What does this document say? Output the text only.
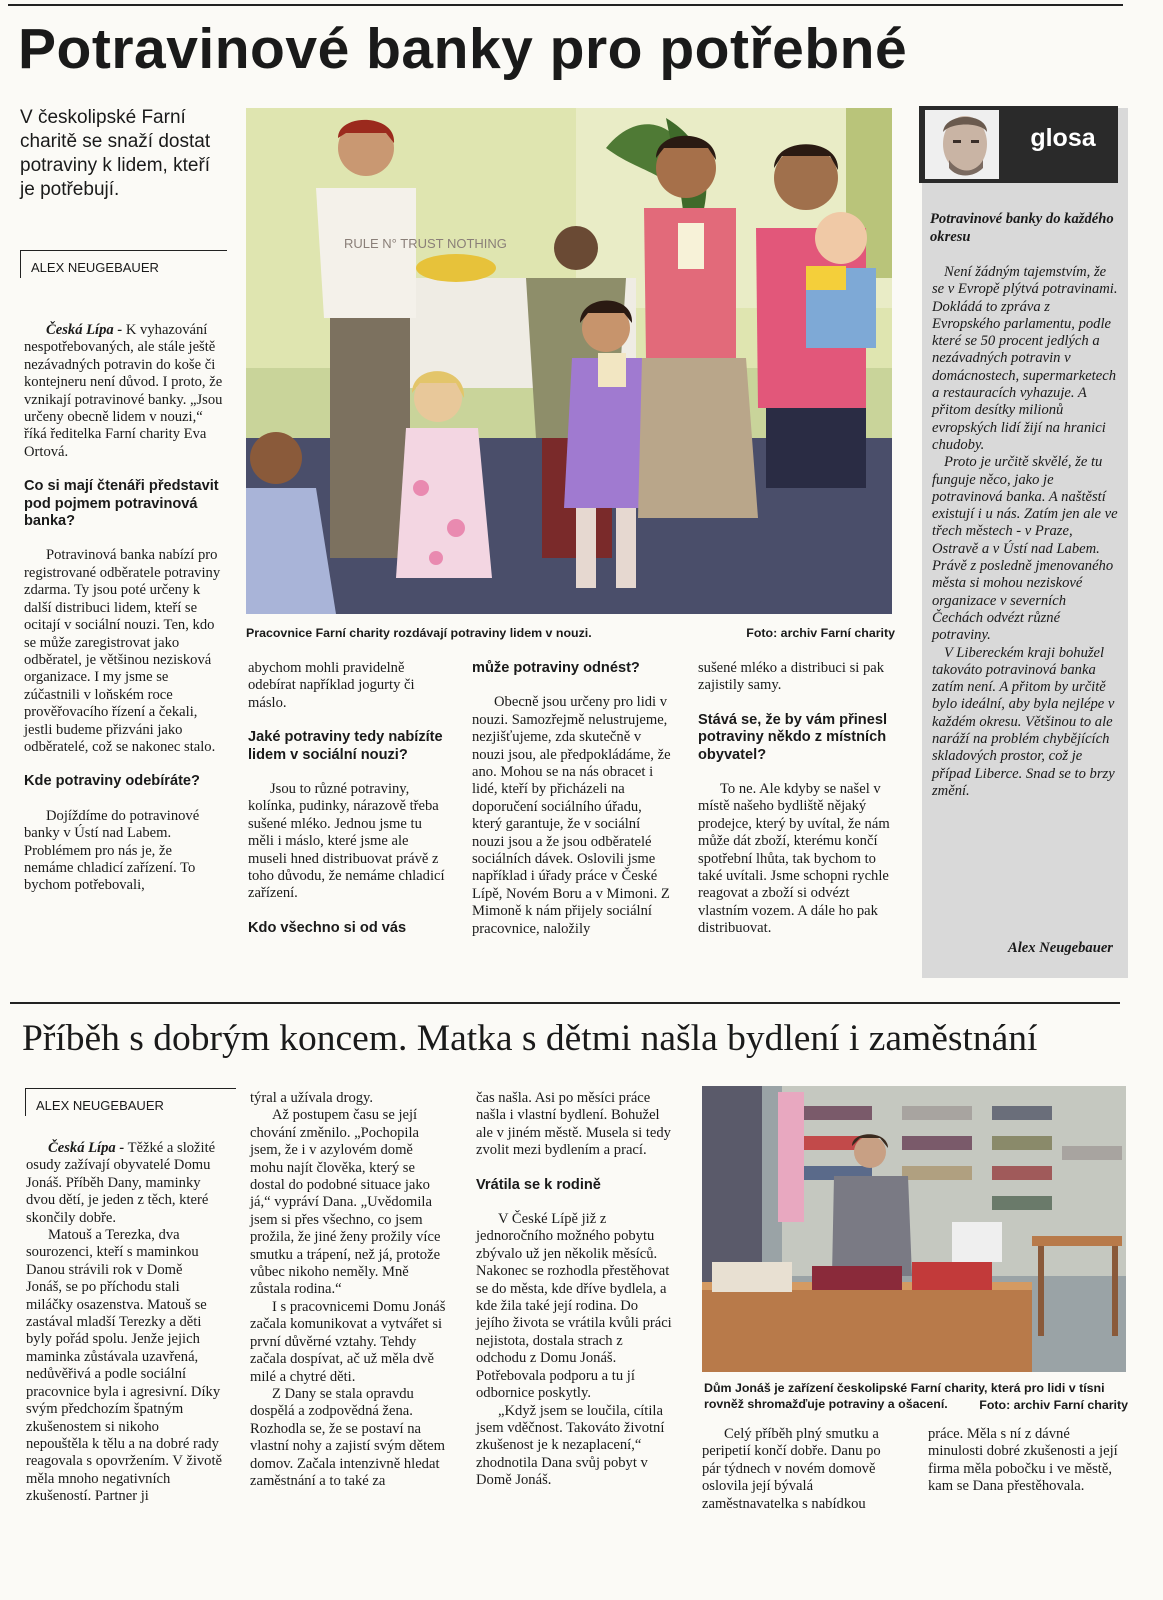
Potravinové banky pro potřebné
V českolipské Farní charitě se snaží dostat potraviny k lidem, kteří je potřebují.
ALEX NEUGEBAUER

Česká Lípa - K vyhazování nespotřebovaných, ale stále ještě nezávadných potravin do koše či kontejneru není důvod. I proto, že vznikají potravinové banky. „Jsou určeny obecně lidem v nouzi,“ říká ředitelka Farní charity Eva Ortová.

Co si mají čtenáři představit pod pojmem potravinová banka?

Potravinová banka nabízí pro registrované odběratele potraviny zdarma. Ty jsou poté určeny k další distribuci lidem, kteří se ocitají v sociální nouzi. Ten, kdo se může zaregistrovat jako odběratel, je většinou nezisková organizace. I my jsme se zúčastnili v loňském roce prověřovacího řízení a čekali, jestli budeme přizváni jako odběratelé, což se nakonec stalo.

Kde potraviny odebíráte?

Dojíždíme do potravinové banky v Ústí nad Labem. Problémem pro nás je, že nemáme chladicí zařízení. To bychom potřebovali,

RULE N° TRUST NOTHING
Pracovnice Farní charity rozdávají potraviny lidem v nouzi.	Foto: archiv Farní charity

abychom mohli pravidelně odebírat například jogurty či máslo.

Jaké potraviny tedy nabízíte lidem v sociální nouzi?

Jsou to různé potraviny, kolínka, pudinky, nárazově třeba sušené mléko. Jednou jsme tu měli i máslo, které jsme ale museli hned distribuovat právě z toho důvodu, že nemáme chladicí zařízení.

Kdo všechno si od vás
může potraviny odnést?

Obecně jsou určeny pro lidi v nouzi. Samozřejmě nelustrujeme, nezjišťujeme, zda skutečně v nouzi jsou, ale předpokládáme, že ano. Mohou se na nás obracet i lidé, kteří by přicházeli na doporučení sociálního úřadu, který garantuje, že v sociální nouzi jsou a že jsou odběratelé sociálních dávek. Oslovili jsme například i úřady práce v České Lípě, Novém Boru a v Mimoni. Z Mimoně k nám přijely sociální pracovnice, naložily

sušené mléko a distribuci si pak zajistily samy.

Stává se, že by vám přinesl potraviny někdo z místních obyvatel?

To ne. Ale kdyby se našel v místě našeho bydliště nějaký prodejce, který by uvítal, že nám může dát zboží, kterému končí spotřební lhůta, tak bychom to také uvítali. Jsme schopni rychle reagovat a zboží si odvézt vlastním vozem. A dále ho pak distribuovat.

glosa
Potravinové banky do každého okresu

Není žádným tajemstvím, že se v Evropě plýtvá potravinami. Dokládá to zpráva z Evropského parlamentu, podle které se 50 procent jedlých a nezávadných potravin v domácnostech, supermarketech a restauracích vyhazuje. A přitom desítky milionů evropských lidí žijí na hranici chudoby.

Proto je určitě skvělé, že tu funguje něco, jako je potravinová banka. A naštěstí existují i u nás. Zatím jen ale ve třech městech - v Praze, Ostravě a v Ústí nad Labem. Právě z posledně jmenovaného města si mohou neziskové organizace v severních Čechách odvézt různé potraviny.

V Libereckém kraji bohužel takováto potravinová banka zatím není. A přitom by určitě bylo ideální, aby byla nejlépe v každém okresu. Většinou to ale naráží na problém chybějících skladových prostor, což je případ Liberce. Snad se to brzy změní.

Alex Neugebauer
Příběh s dobrým koncem. Matka s dětmi našla bydlení i zaměstnání
ALEX NEUGEBAUER

Česká Lípa - Těžké a složité osudy zažívají obyvatelé Domu Jonáš. Příběh Dany, maminky dvou dětí, je jeden z těch, které skončily dobře.

Matouš a Terezka, dva sourozenci, kteří s maminkou Danou strávili rok v Domě Jonáš, se po příchodu stali miláčky osazenstva. Matouš se zastával mladší Terezky a děti byly pořád spolu. Jenže jejich maminka zůstávala uzavřená, nedůvěřivá a podle sociální pracovnice byla i agresivní. Díky svým předchozím špatným zkušenostem si nikoho nepouštěla k tělu a na dobré rady reagovala s opovržením. V životě měla mnoho negativních zkušeností. Partner ji

týral a užívala drogy.

Až postupem času se její chování změnilo. „Pochopila jsem, že i v azylovém domě mohu najít člověka, který se dostal do podobné situace jako já,“ vypráví Dana. „Uvědomila jsem si přes všechno, co jsem prožila, že jiné ženy prožily více smutku a trápení, než já, protože vůbec nikoho neměly. Mně zůstala rodina.“

I s pracovnicemi Domu Jonáš začala komunikovat a vytvářet si první důvěrné vztahy. Tehdy začala dospívat, ač už měla dvě milé a chytré děti.

Z Dany se stala opravdu dospělá a zodpovědná žena. Rozhodla se, že se postaví na vlastní nohy a zajistí svým dětem domov. Začala intenzivně hledat zaměstnání a to také za

čas našla. Asi po měsíci práce našla i vlastní bydlení. Bohužel ale v jiném městě. Musela si tedy zvolit mezi bydlením a prací.

Vrátila se k rodině

V České Lípě již z jednoročního možného pobytu zbývalo už jen několik měsíců. Nakonec se rozhodla přestěhovat se do města, kde dříve bydlela, a kde žila také její rodina. Do jejího života se vrátila kvůli práci nejistota, dostala strach z odchodu z Domu Jonáš. Potřebovala podporu a tu jí odbornice poskytly.

„Když jsem se loučila, cítila jsem vděčnost. Takováto životní zkušenost je k nezaplacení,“ zhodnotila Dana svůj pobyt v Domě Jonáš.

Dům Jonáš je zařízení českolipské Farní charity, která pro lidi v tísni rovněž shromažďuje potraviny a ošacení.	Foto: archiv Farní charity

Celý příběh plný smutku a peripetií končí dobře. Danu po pár týdnech v novém domově oslovila její bývalá zaměstnavatelka s nabídkou

práce. Měla s ní z dávné minulosti dobré zkušenosti a její firma měla pobočku i ve městě, kam se Dana přestěhovala.
